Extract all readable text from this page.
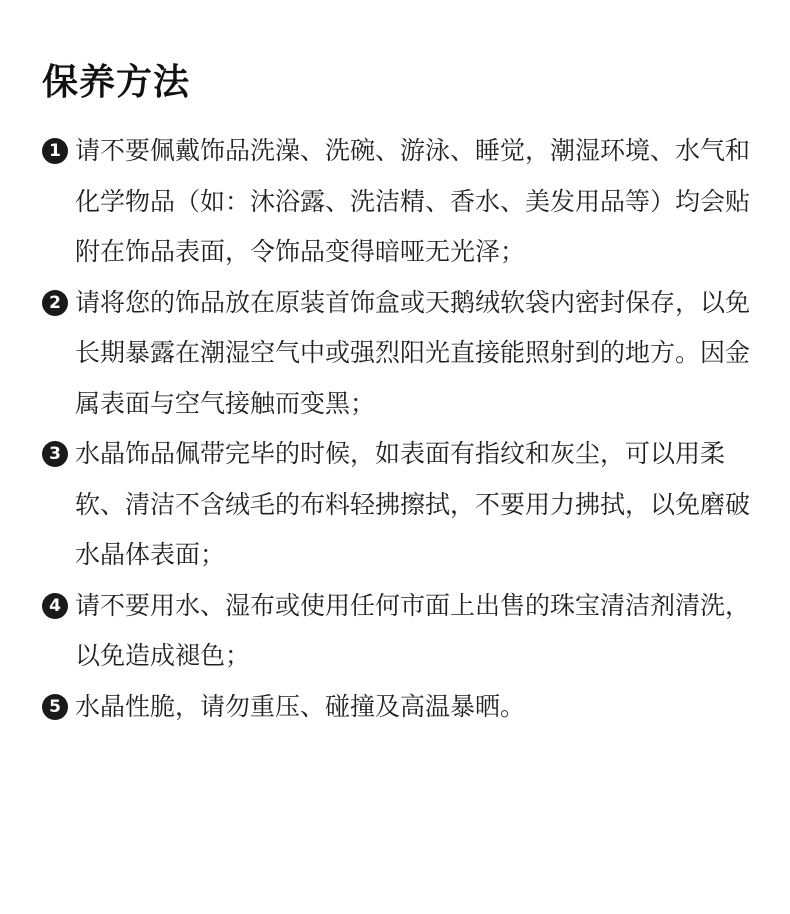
保养方法
1 请不要佩戴饰品洗澡、洗碗、游泳、睡觉，潮湿环境、水气和化学物品（如：沐浴露、洗洁精、香水、美发用品等）均会贴附在饰品表面，令饰品变得暗哑无光泽；
2 请将您的饰品放在原装首饰盒或天鹅绒软袋内密封保存，以免长期暴露在潮湿空气中或强烈阳光直接能照射到的地方。因金属表面与空气接触而变黑；
3 水晶饰品佩带完毕的时候，如表面有指纹和灰尘，可以用柔软、清洁不含绒毛的布料轻拂擦拭，不要用力拂拭，以免磨破水晶体表面；
4 请不要用水、湿布或使用任何市面上出售的珠宝清洁剂清洗，以免造成褪色；
5 水晶性脆，请勿重压、碰撞及高温暴晒。
